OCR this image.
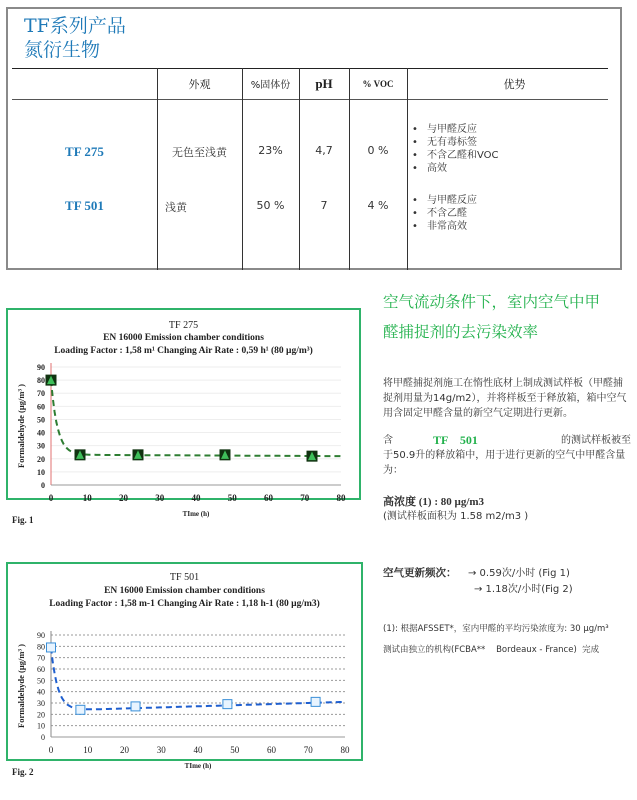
TF系列产品
氮衍生物
外观	%固体份	pH	% VOC	优势
TF 275	无色至浅黄	23%	4,7	0 %
• 与甲醛反应
• 无有毒标签
• 不含乙醛和VOC
• 高效
TF 501	浅黄	50 %	7	4 %
•	与甲醛反应
• 不含乙醛
• 非常高效
TF 275
EN 16000 Emission chamber conditions
Loading Factor : 1,58 m¹ Changing Air Rate : 0,59 h¹ (80 µg/m³)
0
10
20
30
40
50
60
70
80
90
0	10	20	30	40	50	60	70	80
TIme (h)
Formaldehyde (µg/m³ )
Fig. 1
TF 501
EN 16000 Emission chamber conditions
Loading Factor : 1,58 m-1 Changing Air Rate : 1,18 h-1 (80 µg/m3)
0
10
20
30
40
50
60
70
80
90
0	10	20	30	40	50	60	70	80
TIme (h)
Formaldehyde (µg/m³ )
Fig. 2
空气流动条件下，室内空气中甲
醛捕捉剂的去污染效率
将甲醛捕捉剂施工在惰性底材上制成测试样板（甲醛捕捉剂用量为14g/m2），并将样板至于释放箱，箱中空气用含固定甲醛含量的新空气定期进行更新。
含	TF    501	的测试样板被至
于50.9升的释放箱中，用于进行更新的空气中甲醛含量为：
高浓度 (1) : 80 µg/m3
(测试样板面积为 1.58 m2/m3 )
空气更新频次： → 0.59次/小时 (Fig 1)
→ 1.18次/小时(Fig 2)
(1): 根据AFSSET*，室内甲醛的平均污染浓度为: 30 µg/m³
测试由独立的机构(FCBA**    Bordeaux - France)  完成
